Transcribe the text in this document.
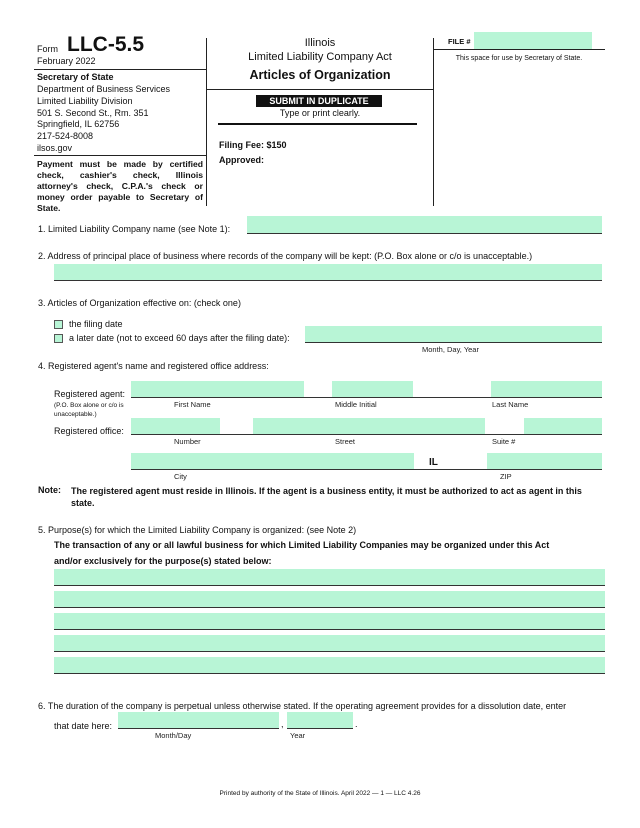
Form LLC-5.5
February 2022
Secretary of State
Department of Business Services
Limited Liability Division
501 S. Second St., Rm. 351
Springfield, IL 62756
217-524-8008
ilsos.gov
Payment must be made by certified check, cashier's check, Illinois attorney's check, C.P.A.'s check or money order payable to Secretary of State.
Illinois
Limited Liability Company Act
Articles of Organization
SUBMIT IN DUPLICATE
Type or print clearly.
Filing Fee: $150
Approved:
FILE #
This space for use by Secretary of State.
1. Limited Liability Company name (see Note 1):
2. Address of principal place of business where records of the company will be kept: (P.O. Box alone or c/o is unacceptable.)
3. Articles of Organization effective on: (check one)
the filing date
a later date (not to exceed 60 days after the filing date):
Month, Day, Year
4. Registered agent's name and registered office address:
Registered agent:
(P.O. Box alone or c/o is unacceptable.)
First Name	Middle Initial	Last Name
Registered office:
Number	Street	Suite #
IL
City	ZIP
Note: The registered agent must reside in Illinois. If the agent is a business entity, it must be authorized to act as agent in this state.
5. Purpose(s) for which the Limited Liability Company is organized: (see Note 2)
The transaction of any or all lawful business for which Limited Liability Companies may be organized under this Act
and/or exclusively for the purpose(s) stated below:
6. The duration of the company is perpetual unless otherwise stated. If the operating agreement provides for a dissolution date, enter
that date here:	,	.
Month/Day	Year
Printed by authority of the State of Illinois. April 2022 — 1 — LLC 4.26
